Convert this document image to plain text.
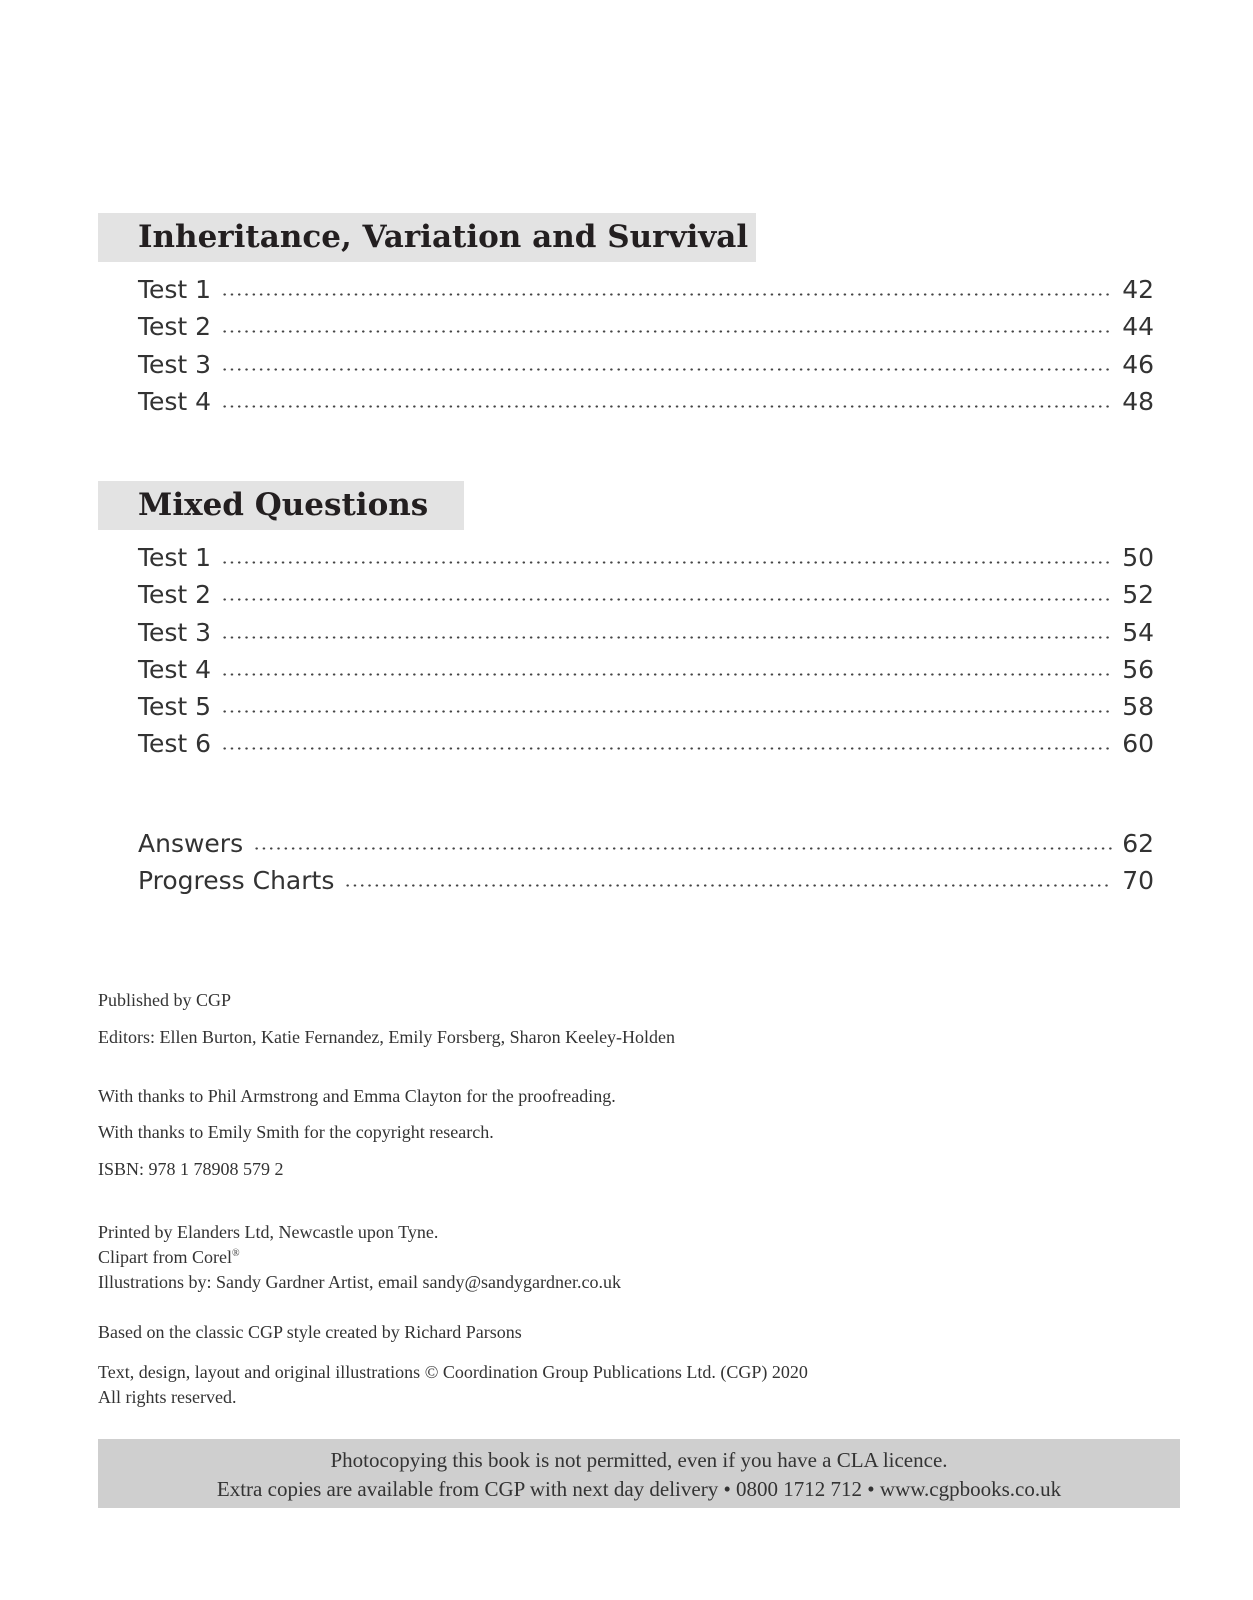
Inheritance, Variation and Survival
Test 1	42
Test 2	44
Test 3	46
Test 4	48
Mixed Questions
Test 1	50
Test 2	52
Test 3	54
Test 4	56
Test 5	58
Test 6	60
Answers	62
Progress Charts	70
Published by CGP
Editors: Ellen Burton, Katie Fernandez, Emily Forsberg, Sharon Keeley-Holden
With thanks to Phil Armstrong and Emma Clayton for the proofreading.
With thanks to Emily Smith for the copyright research.
ISBN: 978 1 78908 579 2
Printed by Elanders Ltd, Newcastle upon Tyne.
Clipart from Corel®
Illustrations by: Sandy Gardner Artist, email sandy@sandygardner.co.uk
Based on the classic CGP style created by Richard Parsons
Text, design, layout and original illustrations © Coordination Group Publications Ltd. (CGP) 2020
All rights reserved.
Photocopying this book is not permitted, even if you have a CLA licence.
Extra copies are available from CGP with next day delivery • 0800 1712 712 • www.cgpbooks.co.uk
